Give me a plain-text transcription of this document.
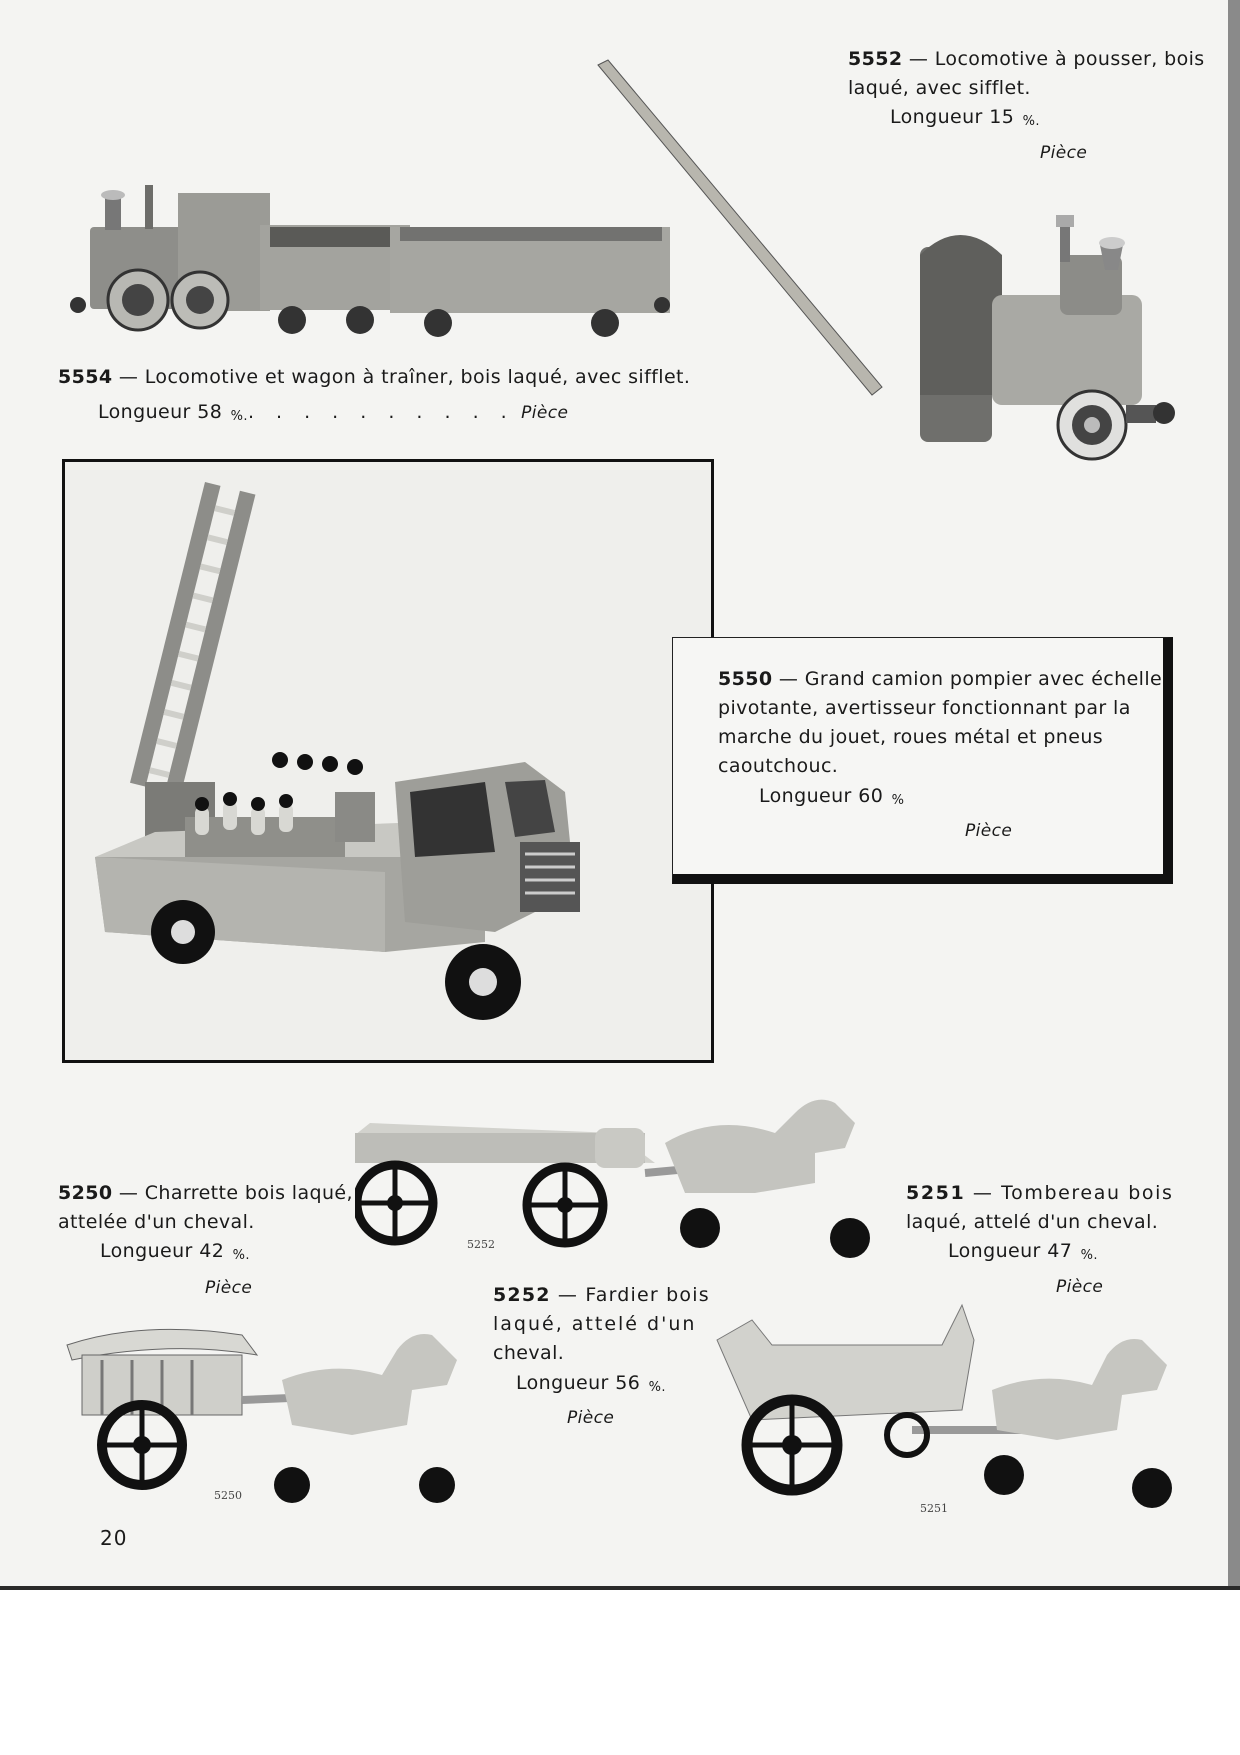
5552 — Locomotive à pousser, bois
laqué, avec sifflet.
Longueur 15 %.
Pièce
5554 — Locomotive et wagon à traîner, bois laqué, avec sifflet.
Longueur 58 %.. . . . . . . . . . Pièce
5550 — Grand camion pompier avec échelle
pivotante, avertisseur fonctionnant par la
marche du jouet, roues métal et pneus
caoutchouc.
Longueur 60 %
Pièce
5252
5250 — Charrette bois laqué,
attelée d'un cheval.
Longueur 42 %.
Pièce
5251 — Tombereau bois
laqué, attelé d'un cheval.
Longueur 47 %.
Pièce
5252 — Fardier bois
laqué, attelé d'un
cheval.
Longueur 56 %.
Pièce
5250
5251
20
